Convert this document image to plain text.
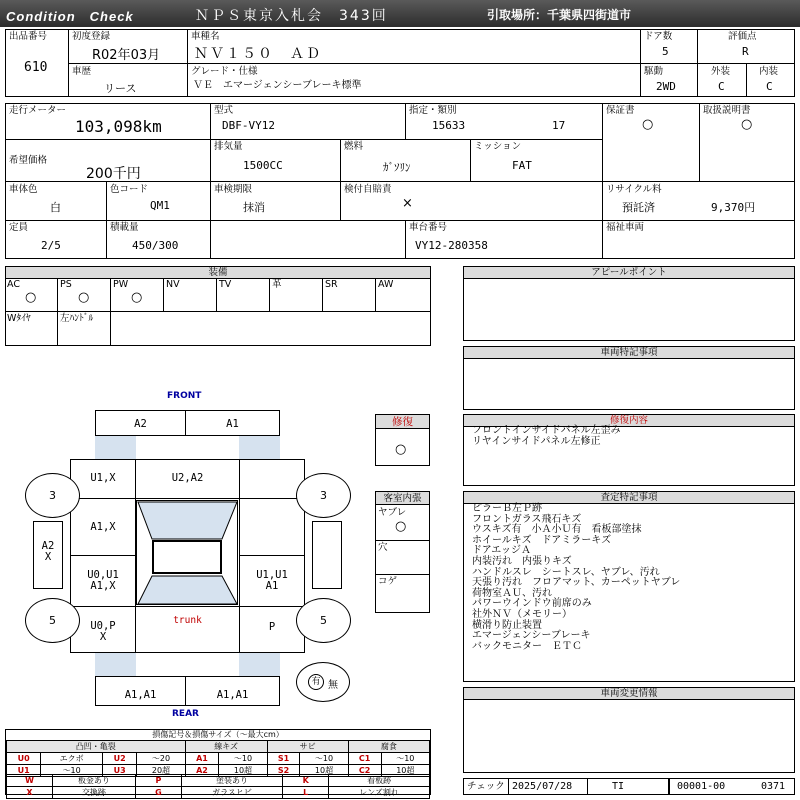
Condition　Check	ＮＰＳ東京入札会　343回	引取場所：千葉県四街道市
出品番号
610
初度登録
R02年03月
車種名
ＮＶ１５０　ＡＤ
ドア数
5
評価点
R
車歴
リース
グレード・仕様
ＶＥ　エマージェンシーブレーキ標準
駆動
2WD
外装
C
内装
C
走行メーター
103,098km
型式
DBF-VY12
指定・類別
15633	17
保証書
○
取扱説明書
○
希望価格
200千円
排気量
1500CC
燃料
ｶﾞｿﾘﾝ
ミッション
FAT
車体色
白
色コード
QM1
車検期限
抹消
検付自賠責
×
リサイクル料
預託済	9,370円
定員
2/5
積載量
450/300
車台番号
VY12-280358
福祉車両
装備
AC
○
PS
○
PW
○
NV	TV	革	SR	AW
Wﾀｲﾔ	左ﾊﾝﾄﾞﾙ
アピールポイント
車両特記事項
修復内容
フロントインサイドパネル左歪み
リヤインサイドパネル左修正
査定特記事項
ピラーＢ左Ｐ跡
フロントガラス飛石キズ
ウスキズ有　小Ａ小Ｕ有　看板部塗抹
ホイールキズ　ドアミラーキズ
ドアエッジＡ
内装汚れ　内張りキズ
ハンドルスレ　シートスレ、ヤブレ、汚れ
天張り汚れ　フロアマット、カーペットヤブレ
荷物室ＡＵ、汚れ
パワーウインドウ前席のみ
社外ＮＶ（メモリー）
横滑り防止装置
エマージェンシーブレーキ
バックモニター　ＥＴＣ
車両変更情報
修復
○
客室内張
ヤブレ
○
穴
コゲ
FRONT
REAR
A2	A1
U1,X	U2,A2
A1,X
U0,U1
A1,X
U1,U1
A1
U0,P
X
trunk
P
A1,A1	A1,A1
A2
X
3	3
5	5
有 無
損傷記号＆損傷サイズ（～最大cm）
凸凹・亀裂				線キズ		サビ		腐食	
U0	エクボ	U2	～20	A1	～10	S1	～10	C1	～10
U1	～10	U3	20超	A2	10超	S2	10超	C2	10超
W	板金あり	P	塗装あり	K	看板跡
X	交換跡	G	ガラスヒビ	L	レンズ割れ
チェック 2025/07/28	TI	00001-00	0371
